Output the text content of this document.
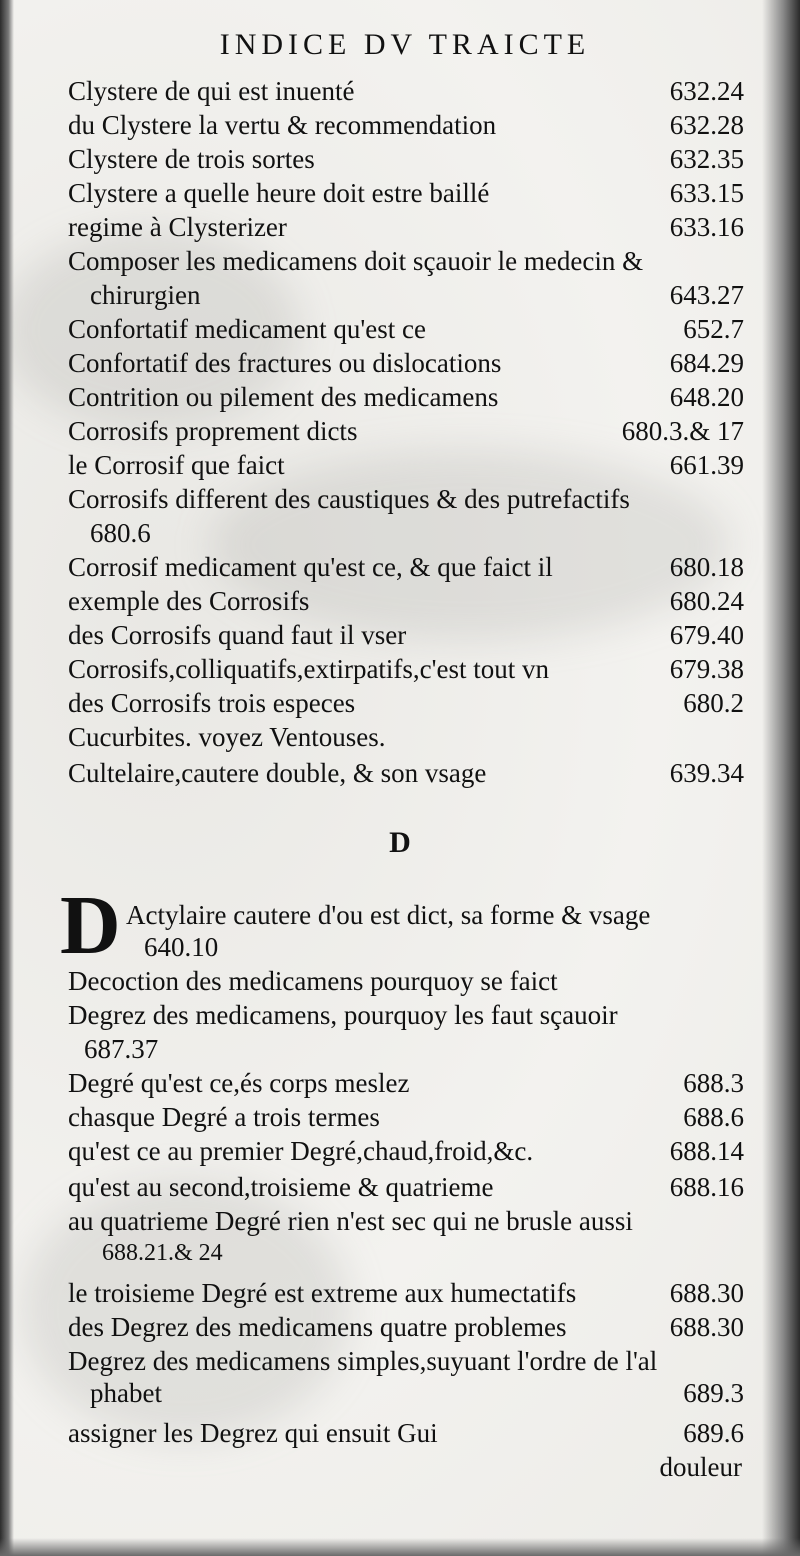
INDICE DV TRAICTE
Clystere de qui est inuenté	632.24
du Clystere la vertu & recommendation	632.28
Clystere de trois sortes	632.35
Clystere a quelle heure doit estre baillé	633.15
regime à Clysterizer	633.16
Composer les medicamens doit sçauoir le medecin &
chirurgien	643.27
Confortatif medicament qu'est ce	652.7
Confortatif des fractures ou dislocations	684.29
Contrition ou pilement des medicamens	648.20
Corrosifs proprement dicts	680.3.& 17
le Corrosif que faict	661.39
Corrosifs different des caustiques & des putrefactifs
680.6
Corrosif medicament qu'est ce, & que faict il	680.18
exemple des Corrosifs	680.24
des Corrosifs quand faut il vser	679.40
Corrosifs,colliquatifs,extirpatifs,c'est tout vn	679.38
des Corrosifs trois especes	680.2
Cucurbites. voyez Ventouses.
Cultelaire,cautere double, & son vsage	639.34
D
D Actylaire cautere d'ou est dict, sa forme & vsage
640.10
Decoction des medicamens pourquoy se faict
Degrez des medicamens, pourquoy les faut sçauoir
687.37
Degré qu'est ce,és corps meslez	688.3
chasque Degré a trois termes	688.6
qu'est ce au premier Degré,chaud,froid,&c.	688.14
qu'est au second,troisieme & quatrieme	688.16
au quatrieme Degré rien n'est sec qui ne brusle aussi
688.21.& 24
le troisieme Degré est extreme aux humectatifs	688.30
des Degrez des medicamens quatre problemes	688.30
Degrez des medicamens simples,suyuant l'ordre de l'al
phabet	689.3
assigner les Degrez qui ensuit Gui	689.6
douleur
